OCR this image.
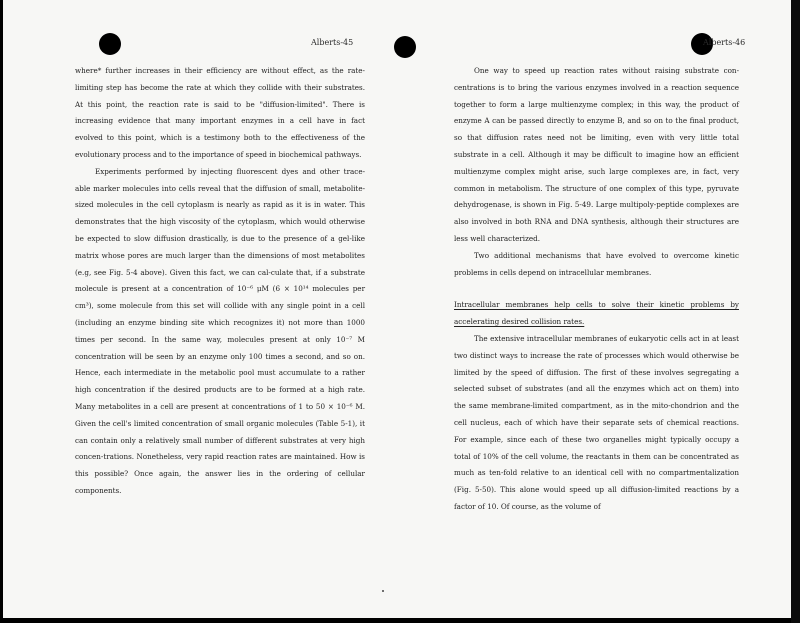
Alberts-45	Alberts-46

where* further increases in their efficiency are without effect, as the rate-limiting step has become the rate at which they collide with their substrates. At this point, the reaction rate is said to be "diffusion-limited". There is increasing evidence that many important enzymes in a cell have in fact evolved to this point, which is a testimony both to the effectiveness of the evolutionary process and to the importance of speed in biochemical pathways.

Experiments performed by injecting fluorescent dyes and other trace-able marker molecules into cells reveal that the diffusion of small, metabolite-sized molecules in the cell cytoplasm is nearly as rapid as it is in water. This demonstrates that the high viscosity of the cytoplasm, which would otherwise be expected to slow diffusion drastically, is due to the presence of a gel-like matrix whose pores are much larger than the dimensions of most metabolites (e.g, see Fig. 5-4 above). Given this fact, we can cal-culate that, if a substrate molecule is present at a concentration of 10⁻⁶ μM (6 × 10¹⁴ molecules per cm³), some molecule from this set will collide with any single point in a cell (including an enzyme binding site which recognizes it) not more than 1000 times per second. In the same way, molecules present at only 10⁻⁷ M concentration will be seen by an enzyme only 100 times a second, and so on. Hence, each intermediate in the metabolic pool must accumulate to a rather high concentration if the desired products are to be formed at a high rate. Many metabolites in a cell are present at concentrations of 1 to 50 × 10⁻⁶ M. Given the cell's limited concentration of small organic molecules (Table 5-1), it can contain only a relatively small number of different substrates at very high concen-trations. Nonetheless, very rapid reaction rates are maintained. How is this possible? Once again, the answer lies in the ordering of cellular components.

One way to speed up reaction rates without raising substrate con-centrations is to bring the various enzymes involved in a reaction sequence together to form a large multienzyme complex; in this way, the product of enzyme A can be passed directly to enzyme B, and so on to the final product, so that diffusion rates need not be limiting, even with very little total substrate in a cell. Although it may be difficult to imagine how an efficient multienzyme complex might arise, such large complexes are, in fact, very common in metabolism. The structure of one complex of this type, pyruvate dehydrogenase, is shown in Fig. 5-49. Large multipoly-peptide complexes are also involved in both RNA and DNA synthesis, although their structures are less well characterized.

Two additional mechanisms that have evolved to overcome kinetic problems in cells depend on intracellular membranes.

Intracellular membranes help cells to solve their kinetic problems by accelerating desired collision rates.

The extensive intracellular membranes of eukaryotic cells act in at least two distinct ways to increase the rate of processes which would otherwise be limited by the speed of diffusion. The first of these involves segregating a selected subset of substrates (and all the enzymes which act on them) into the same membrane-limited compartment, as in the mito-chondrion and the cell nucleus, each of which have their separate sets of chemical reactions. For example, since each of these two organelles might typically occupy a total of 10% of the cell volume, the reactants in them can be concentrated as much as ten-fold relative to an identical cell with no compartmentalization (Fig. 5-50). This alone would speed up all diffusion-limited reactions by a factor of 10. Of course, as the volume of
